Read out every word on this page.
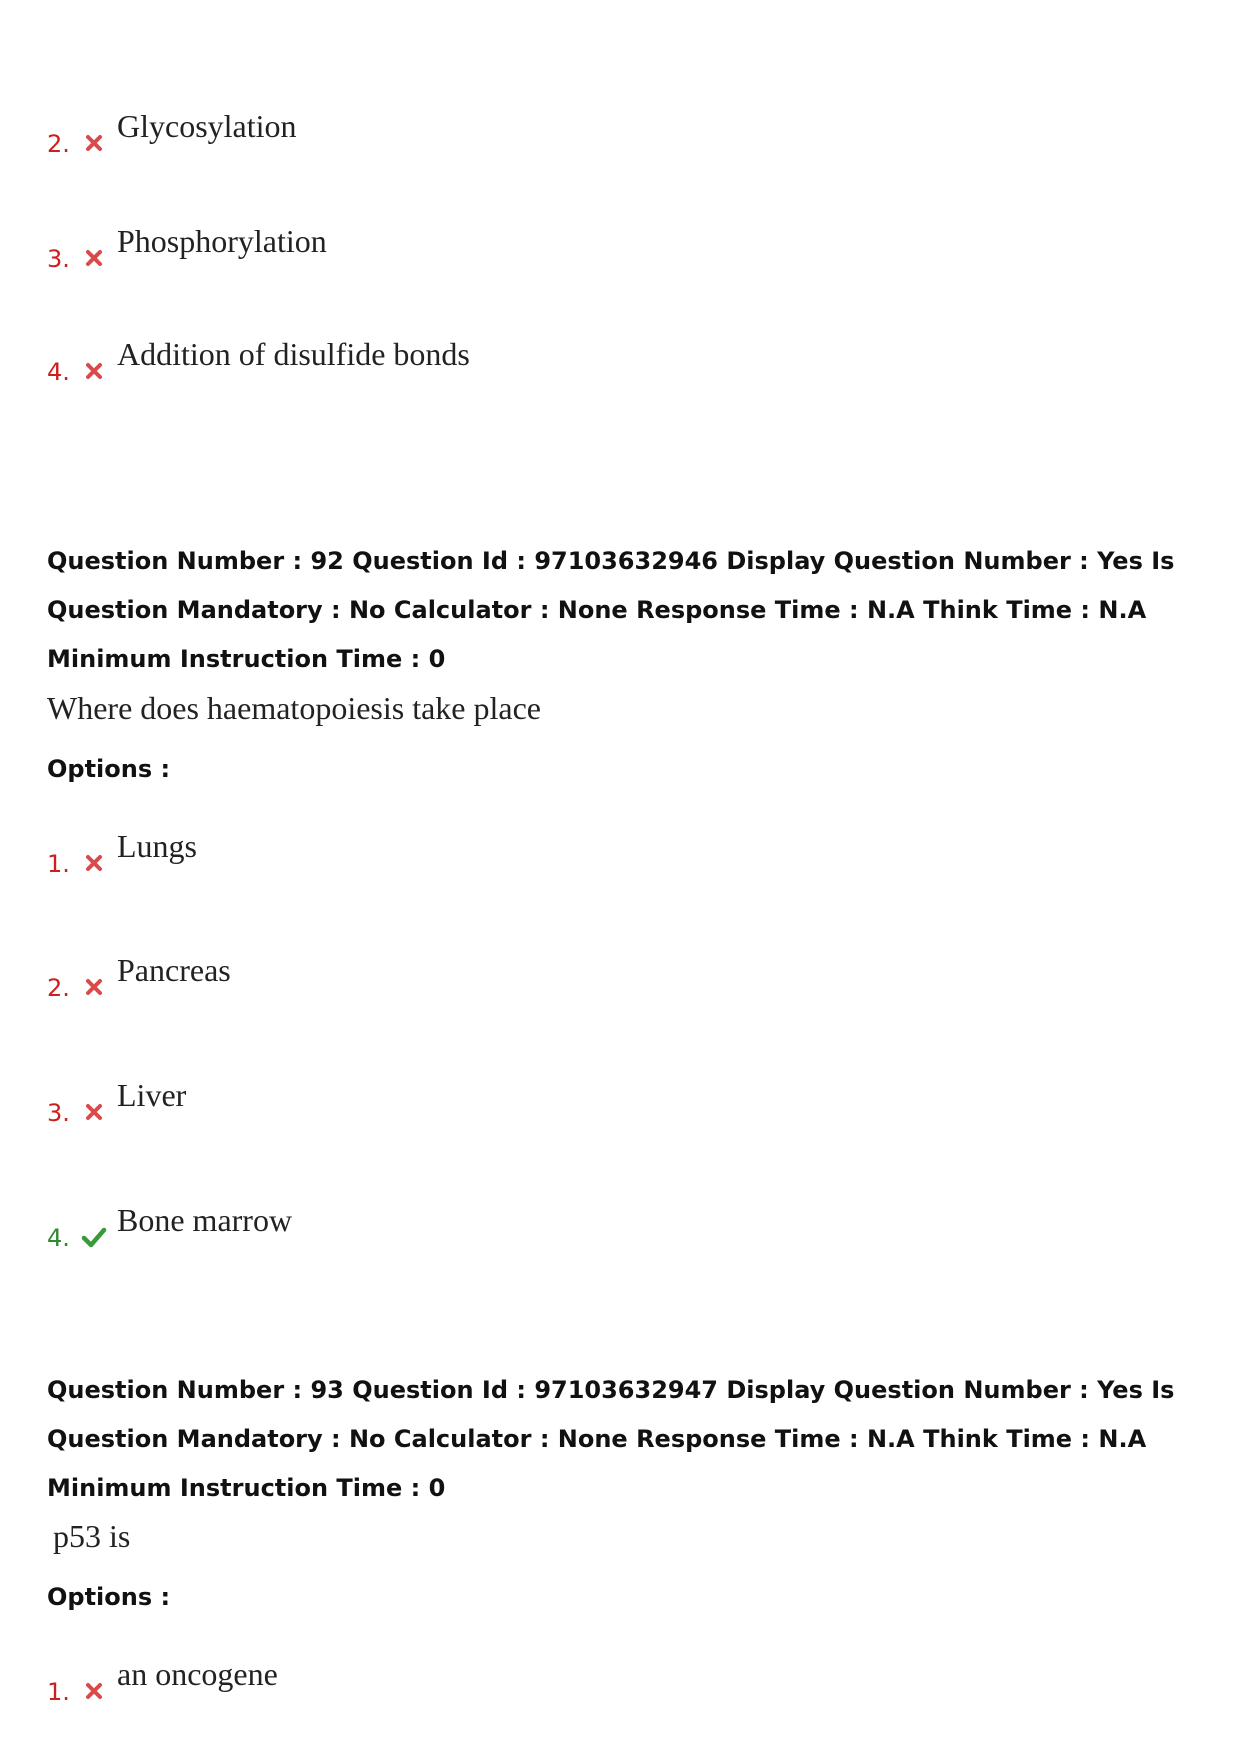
2.	Glycosylation
3.	Phosphorylation
4.	Addition of disulfide bonds
Question Number : 92 Question Id : 97103632946 Display Question Number : Yes Is Question Mandatory : No Calculator : None Response Time : N.A Think Time : N.A Minimum Instruction Time : 0
Where does haematopoiesis take place
Options :
1.	Lungs
2.	Pancreas
3.	Liver
4.	Bone marrow
Question Number : 93 Question Id : 97103632947 Display Question Number : Yes Is Question Mandatory : No Calculator : None Response Time : N.A Think Time : N.A Minimum Instruction Time : 0
p53 is
Options :
1.	an oncogene
